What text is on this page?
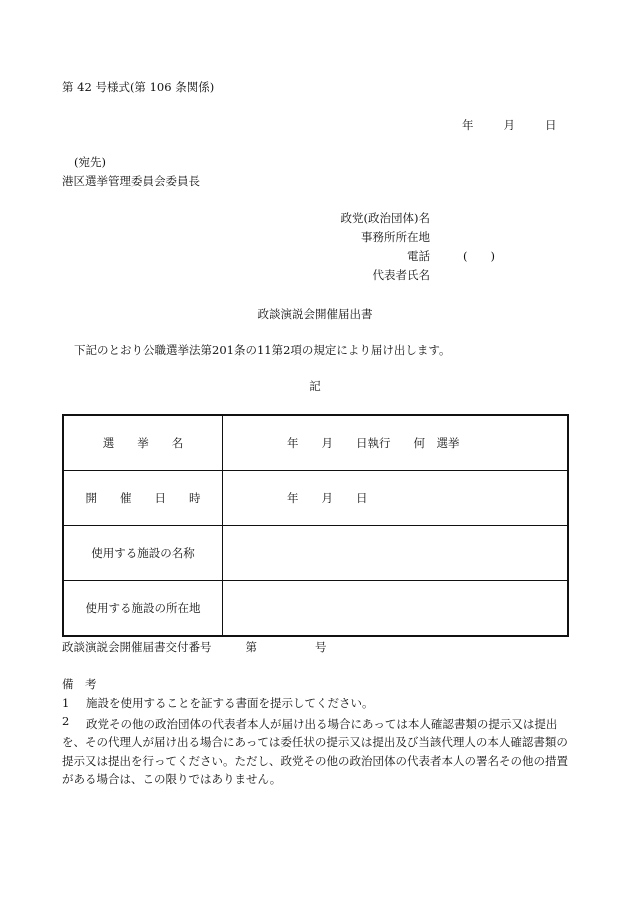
第 42 号様式(第 106 条関係)
年	月	日
(宛先)
港区選挙管理委員会委員長
政党(政治団体)名
事務所所在地
電話
代表者氏名
(　　)
政談演説会開催届出書
下記のとおり公職選挙法第201条の11第2項の規定により届け出します。
記
選　　挙　　名	年　　月　　日執行　　何　選挙
開　　催　　日　　時	年　　月　　日
使用する施設の名称	
使用する施設の所在地	
政談演説会開催届書交付番号	第	号
備　考
1 施設を使用することを証する書面を提示してください。
2	政党その他の政治団体の代表者本人が届け出る場合にあっては本人確認書類の提示又は提出を、その代理人が届け出る場合にあっては委任状の提示又は提出及び当該代理人の本人確認書類の提示又は提出を行ってください。ただし、政党その他の政治団体の代表者本人の署名その他の措置がある場合は、この限りではありません。
